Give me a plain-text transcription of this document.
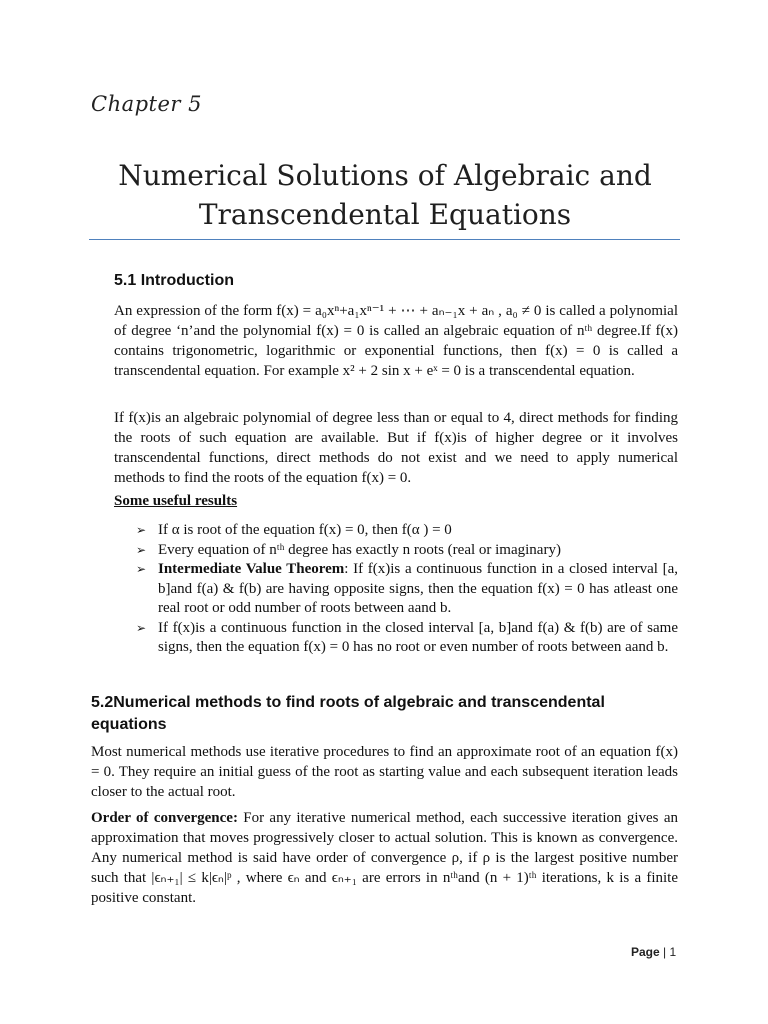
Chapter 5
Numerical Solutions of Algebraic and
Transcendental Equations
5.1 Introduction
An expression of the form f(x) = a₀xⁿ+a₁xⁿ⁻¹ + ⋯ + aₙ₋₁x + aₙ , a₀ ≠ 0 is called a polynomial of degree ‘n’and the polynomial f(x) = 0 is called an algebraic equation of nᵗʰ degree.If f(x) contains trigonometric, logarithmic or exponential functions, then f(x) = 0 is called a transcendental equation. For example x² + 2 sin x + eˣ = 0 is a transcendental equation.
If f(x)is an algebraic polynomial of degree less than or equal to 4, direct methods for finding the roots of such equation are available. But if f(x)is of higher degree or it involves transcendental functions, direct methods do not exist and we need to apply numerical methods to find the roots of the equation f(x) = 0.
Some useful results
➢ If α is root of the equation f(x) = 0, then f(α ) = 0
➢ Every equation of nᵗʰ degree has exactly n roots (real or imaginary)
➢ Intermediate Value Theorem: If f(x)is a continuous function in a closed interval [a, b]and f(a) & f(b) are having opposite signs, then the equation f(x) = 0 has atleast one real root or odd number of roots between aand b.
➢ If f(x)is a continuous function in the closed interval [a, b]and f(a) & f(b) are of same signs, then the equation f(x) = 0 has no root or even number of roots between aand b.
5.2Numerical methods to find roots of algebraic and transcendental equations
Most numerical methods use iterative procedures to find an approximate root of an equation f(x) = 0. They require an initial guess of the root as starting value and each subsequent iteration leads closer to the actual root.
Order of convergence: For any iterative numerical method, each successive iteration gives an approximation that moves progressively closer to actual solution. This is known as convergence. Any numerical method is said have order of convergence ρ, if ρ is the largest positive number such that |ϵₙ₊₁| ≤ k|ϵₙ|ᵖ , where ϵₙ and ϵₙ₊₁ are errors in nᵗʰand (n + 1)ᵗʰ iterations, k is a finite positive constant.
Page | 1
